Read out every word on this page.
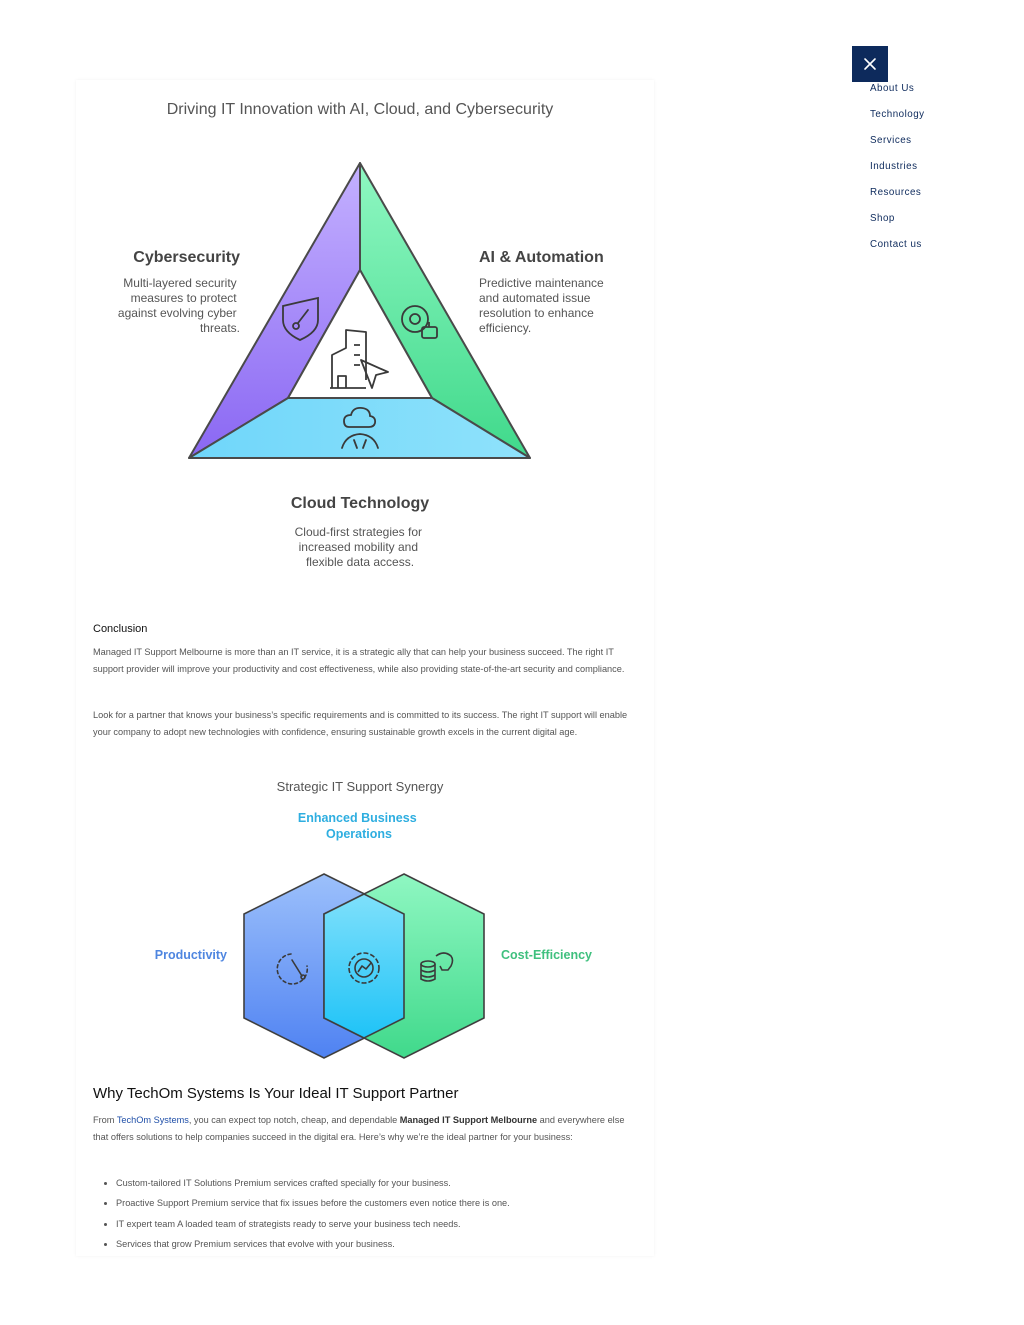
Driving IT Innovation with AI, Cloud, and Cybersecurity
Cybersecurity
Multi-layered security measures to protect against evolving cyber threats.
AI & Automation
Predictive maintenance and automated issue resolution to enhance efficiency.
Cloud Technology
Cloud-first strategies for increased mobility and flexible data access.
Conclusion

Managed IT Support Melbourne is more than an IT service, it is a strategic ally that can help your business succeed. The right IT support provider will improve your productivity and cost effectiveness, while also providing state-of-the-art security and compliance.

Look for a partner that knows your business’s specific requirements and is committed to its success. The right IT support will enable your company to adopt new technologies with confidence, ensuring sustainable growth excels in the current digital age.

Strategic IT Support Synergy
Enhanced Business Operations
Productivity	Cost-Efficiency
Why TechOm Systems Is Your Ideal IT Support Partner

From TechOm Systems, you can expect top notch, cheap, and dependable Managed IT Support Melbourne and everywhere else that offers solutions to help companies succeed in the digital era. Here’s why we’re the ideal partner for your business:

• Custom-tailored IT Solutions Premium services crafted specially for your business.
• Proactive Support Premium service that fix issues before the customers even notice there is one.
• IT expert team A loaded team of strategists ready to serve your business tech needs.
• Services that grow Premium services that evolve with your business.
About Us
Technology
Services
Industries
Resources
Shop
Contact us
